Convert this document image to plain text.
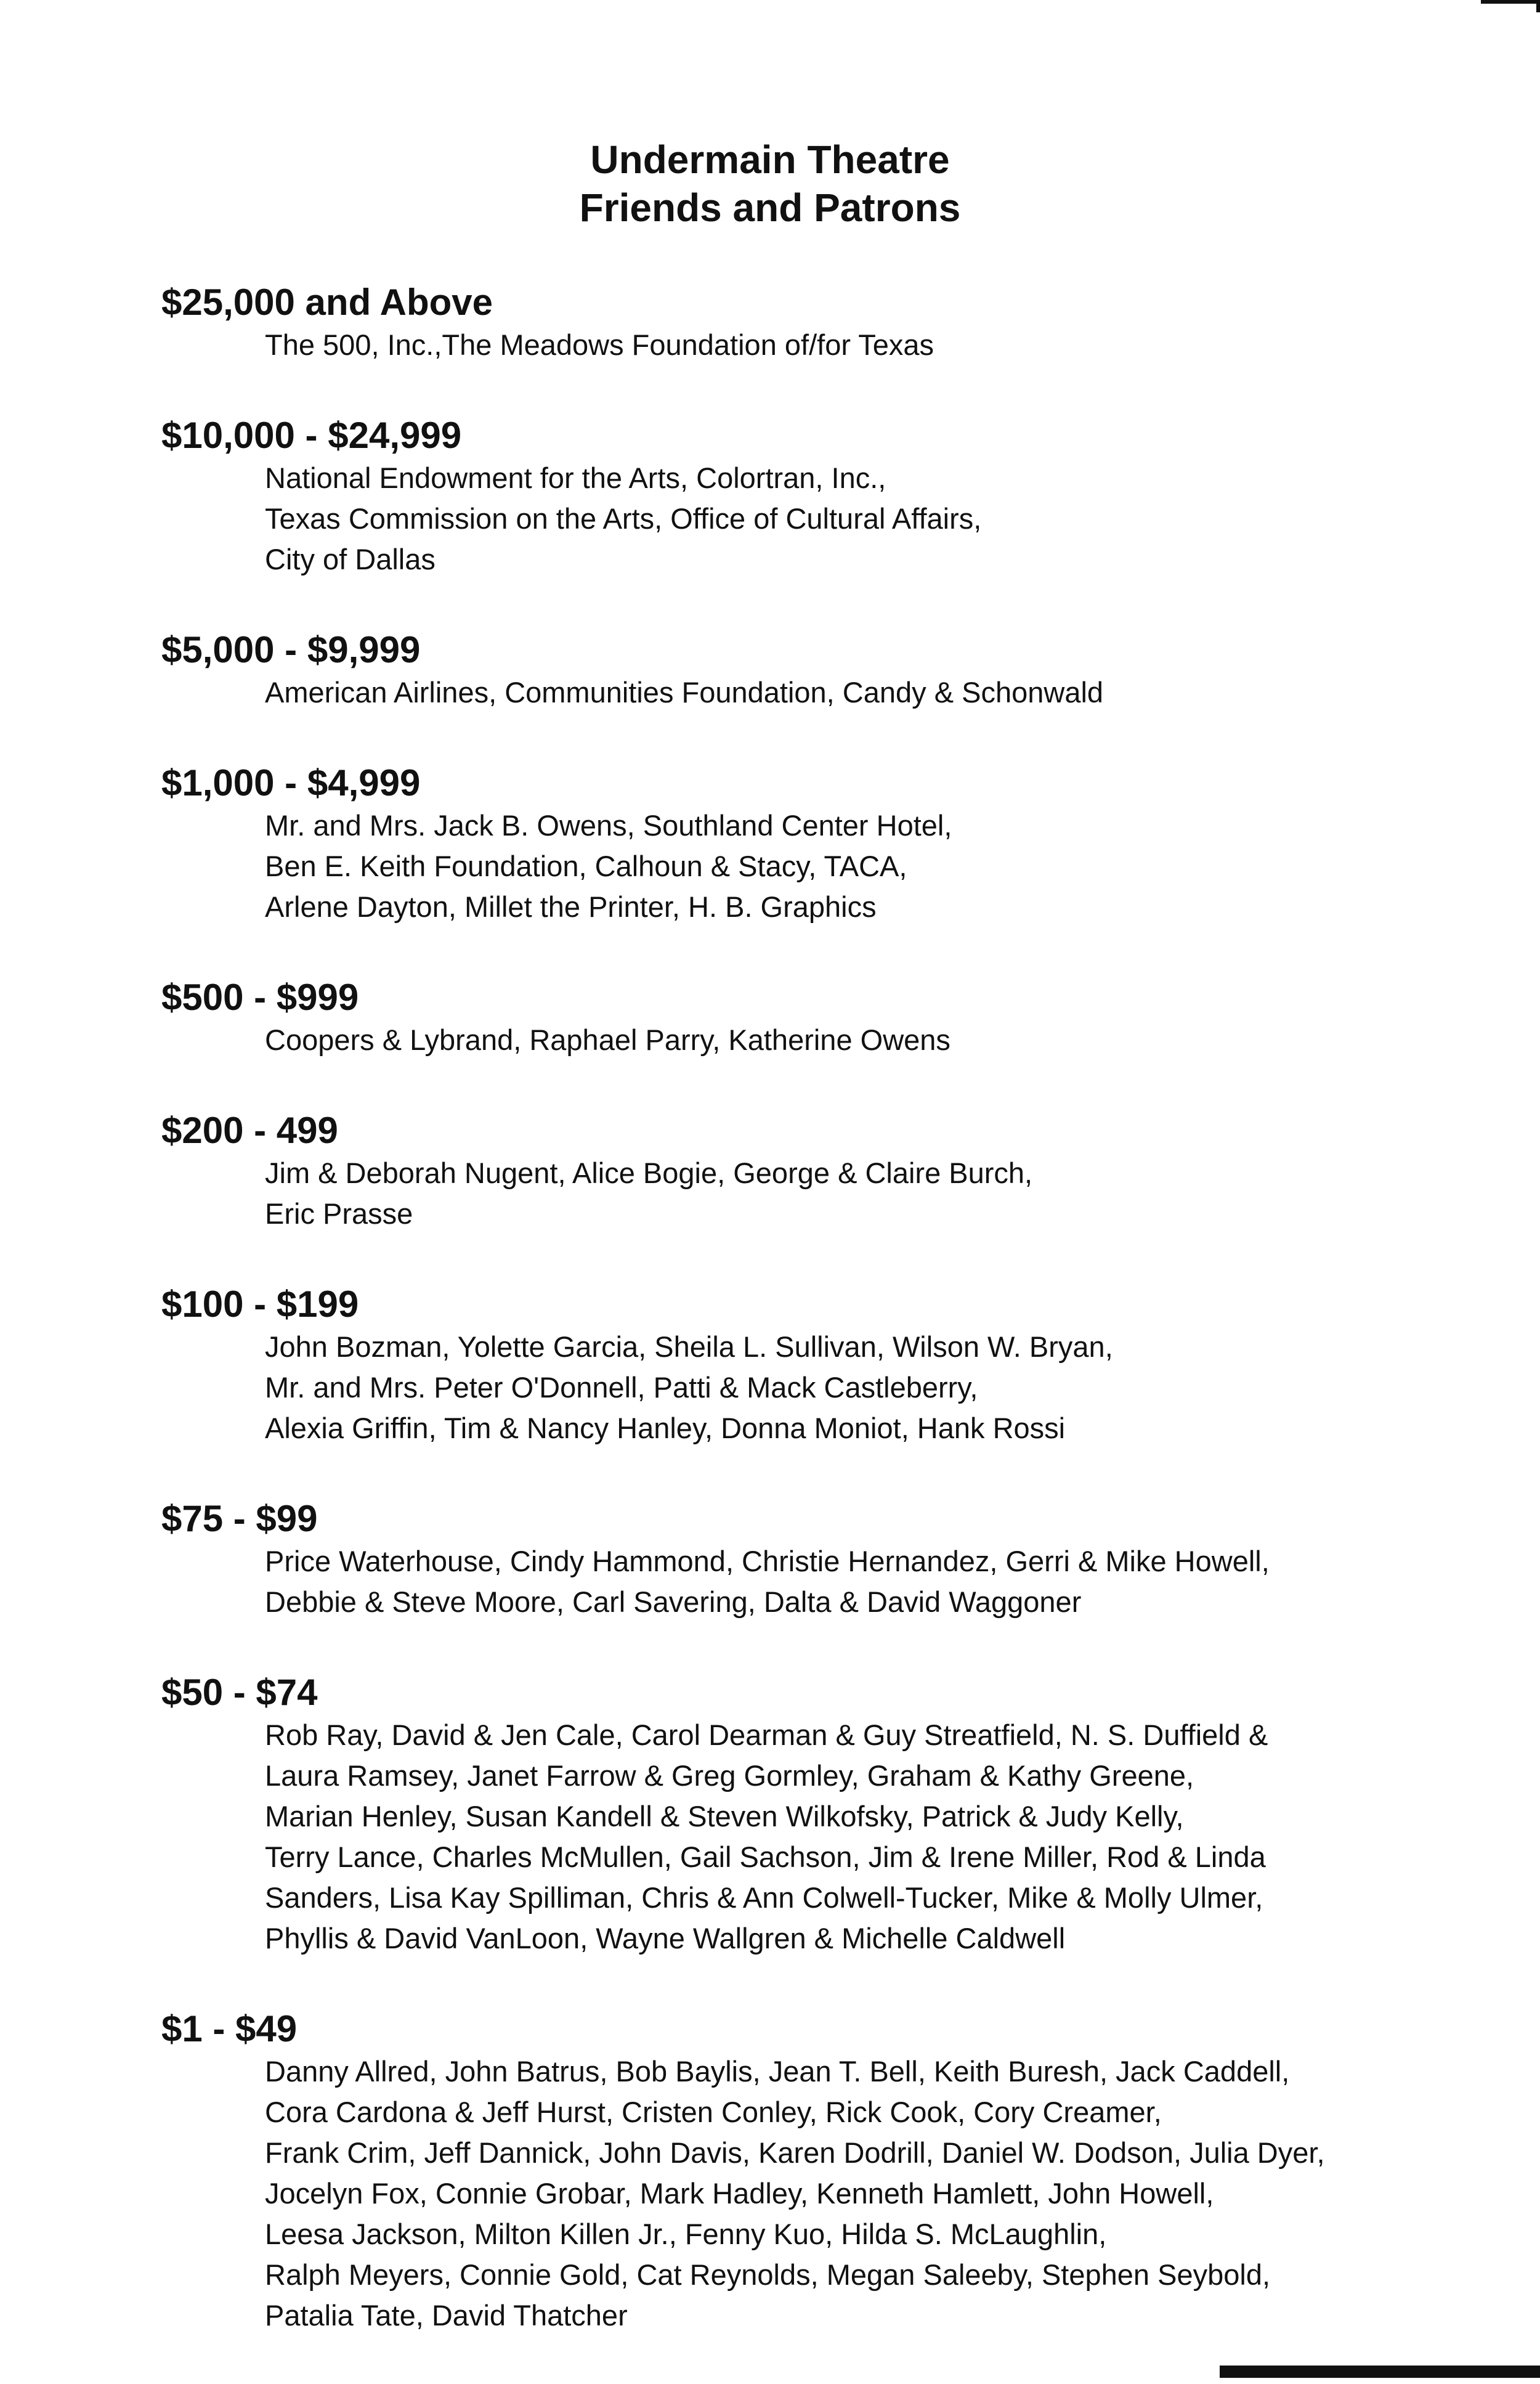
Undermain Theatre
Friends and Patrons
$25,000 and Above
The 500, Inc.,The Meadows Foundation of/for Texas
$10,000 - $24,999
National Endowment for the Arts, Colortran, Inc.,
Texas Commission on the Arts, Office of Cultural Affairs,
City of Dallas
$5,000 - $9,999
American Airlines, Communities Foundation, Candy & Schonwald
$1,000 - $4,999
Mr. and Mrs. Jack B. Owens, Southland Center Hotel,
Ben E. Keith Foundation, Calhoun & Stacy, TACA,
Arlene Dayton, Millet the Printer, H. B. Graphics
$500 - $999
Coopers & Lybrand, Raphael Parry, Katherine Owens
$200 - 499
Jim & Deborah Nugent, Alice Bogie, George & Claire Burch,
Eric Prasse
$100 - $199
John Bozman, Yolette Garcia, Sheila L. Sullivan, Wilson W. Bryan,
Mr. and Mrs. Peter O'Donnell, Patti & Mack Castleberry,
Alexia Griffin, Tim & Nancy Hanley, Donna Moniot, Hank Rossi
$75 - $99
Price Waterhouse, Cindy Hammond, Christie Hernandez, Gerri & Mike Howell,
Debbie & Steve Moore, Carl Savering, Dalta & David Waggoner
$50 - $74
Rob Ray, David & Jen Cale, Carol Dearman & Guy Streatfield, N. S. Duffield &
Laura Ramsey, Janet Farrow & Greg Gormley, Graham & Kathy Greene,
Marian Henley, Susan Kandell & Steven Wilkofsky, Patrick & Judy Kelly,
Terry Lance, Charles McMullen, Gail Sachson, Jim & Irene Miller, Rod & Linda
Sanders, Lisa Kay Spilliman, Chris & Ann Colwell-Tucker, Mike & Molly Ulmer,
Phyllis & David VanLoon, Wayne Wallgren & Michelle Caldwell
$1 - $49
Danny Allred, John Batrus, Bob Baylis, Jean T. Bell, Keith Buresh, Jack Caddell,
Cora Cardona & Jeff Hurst, Cristen Conley, Rick Cook, Cory Creamer,
Frank Crim, Jeff Dannick, John Davis, Karen Dodrill, Daniel W. Dodson, Julia Dyer,
Jocelyn Fox, Connie Grobar, Mark Hadley, Kenneth Hamlett, John Howell,
Leesa Jackson, Milton Killen Jr., Fenny Kuo, Hilda S. McLaughlin,
Ralph Meyers, Connie Gold, Cat Reynolds, Megan Saleeby, Stephen Seybold,
Patalia Tate, David Thatcher
